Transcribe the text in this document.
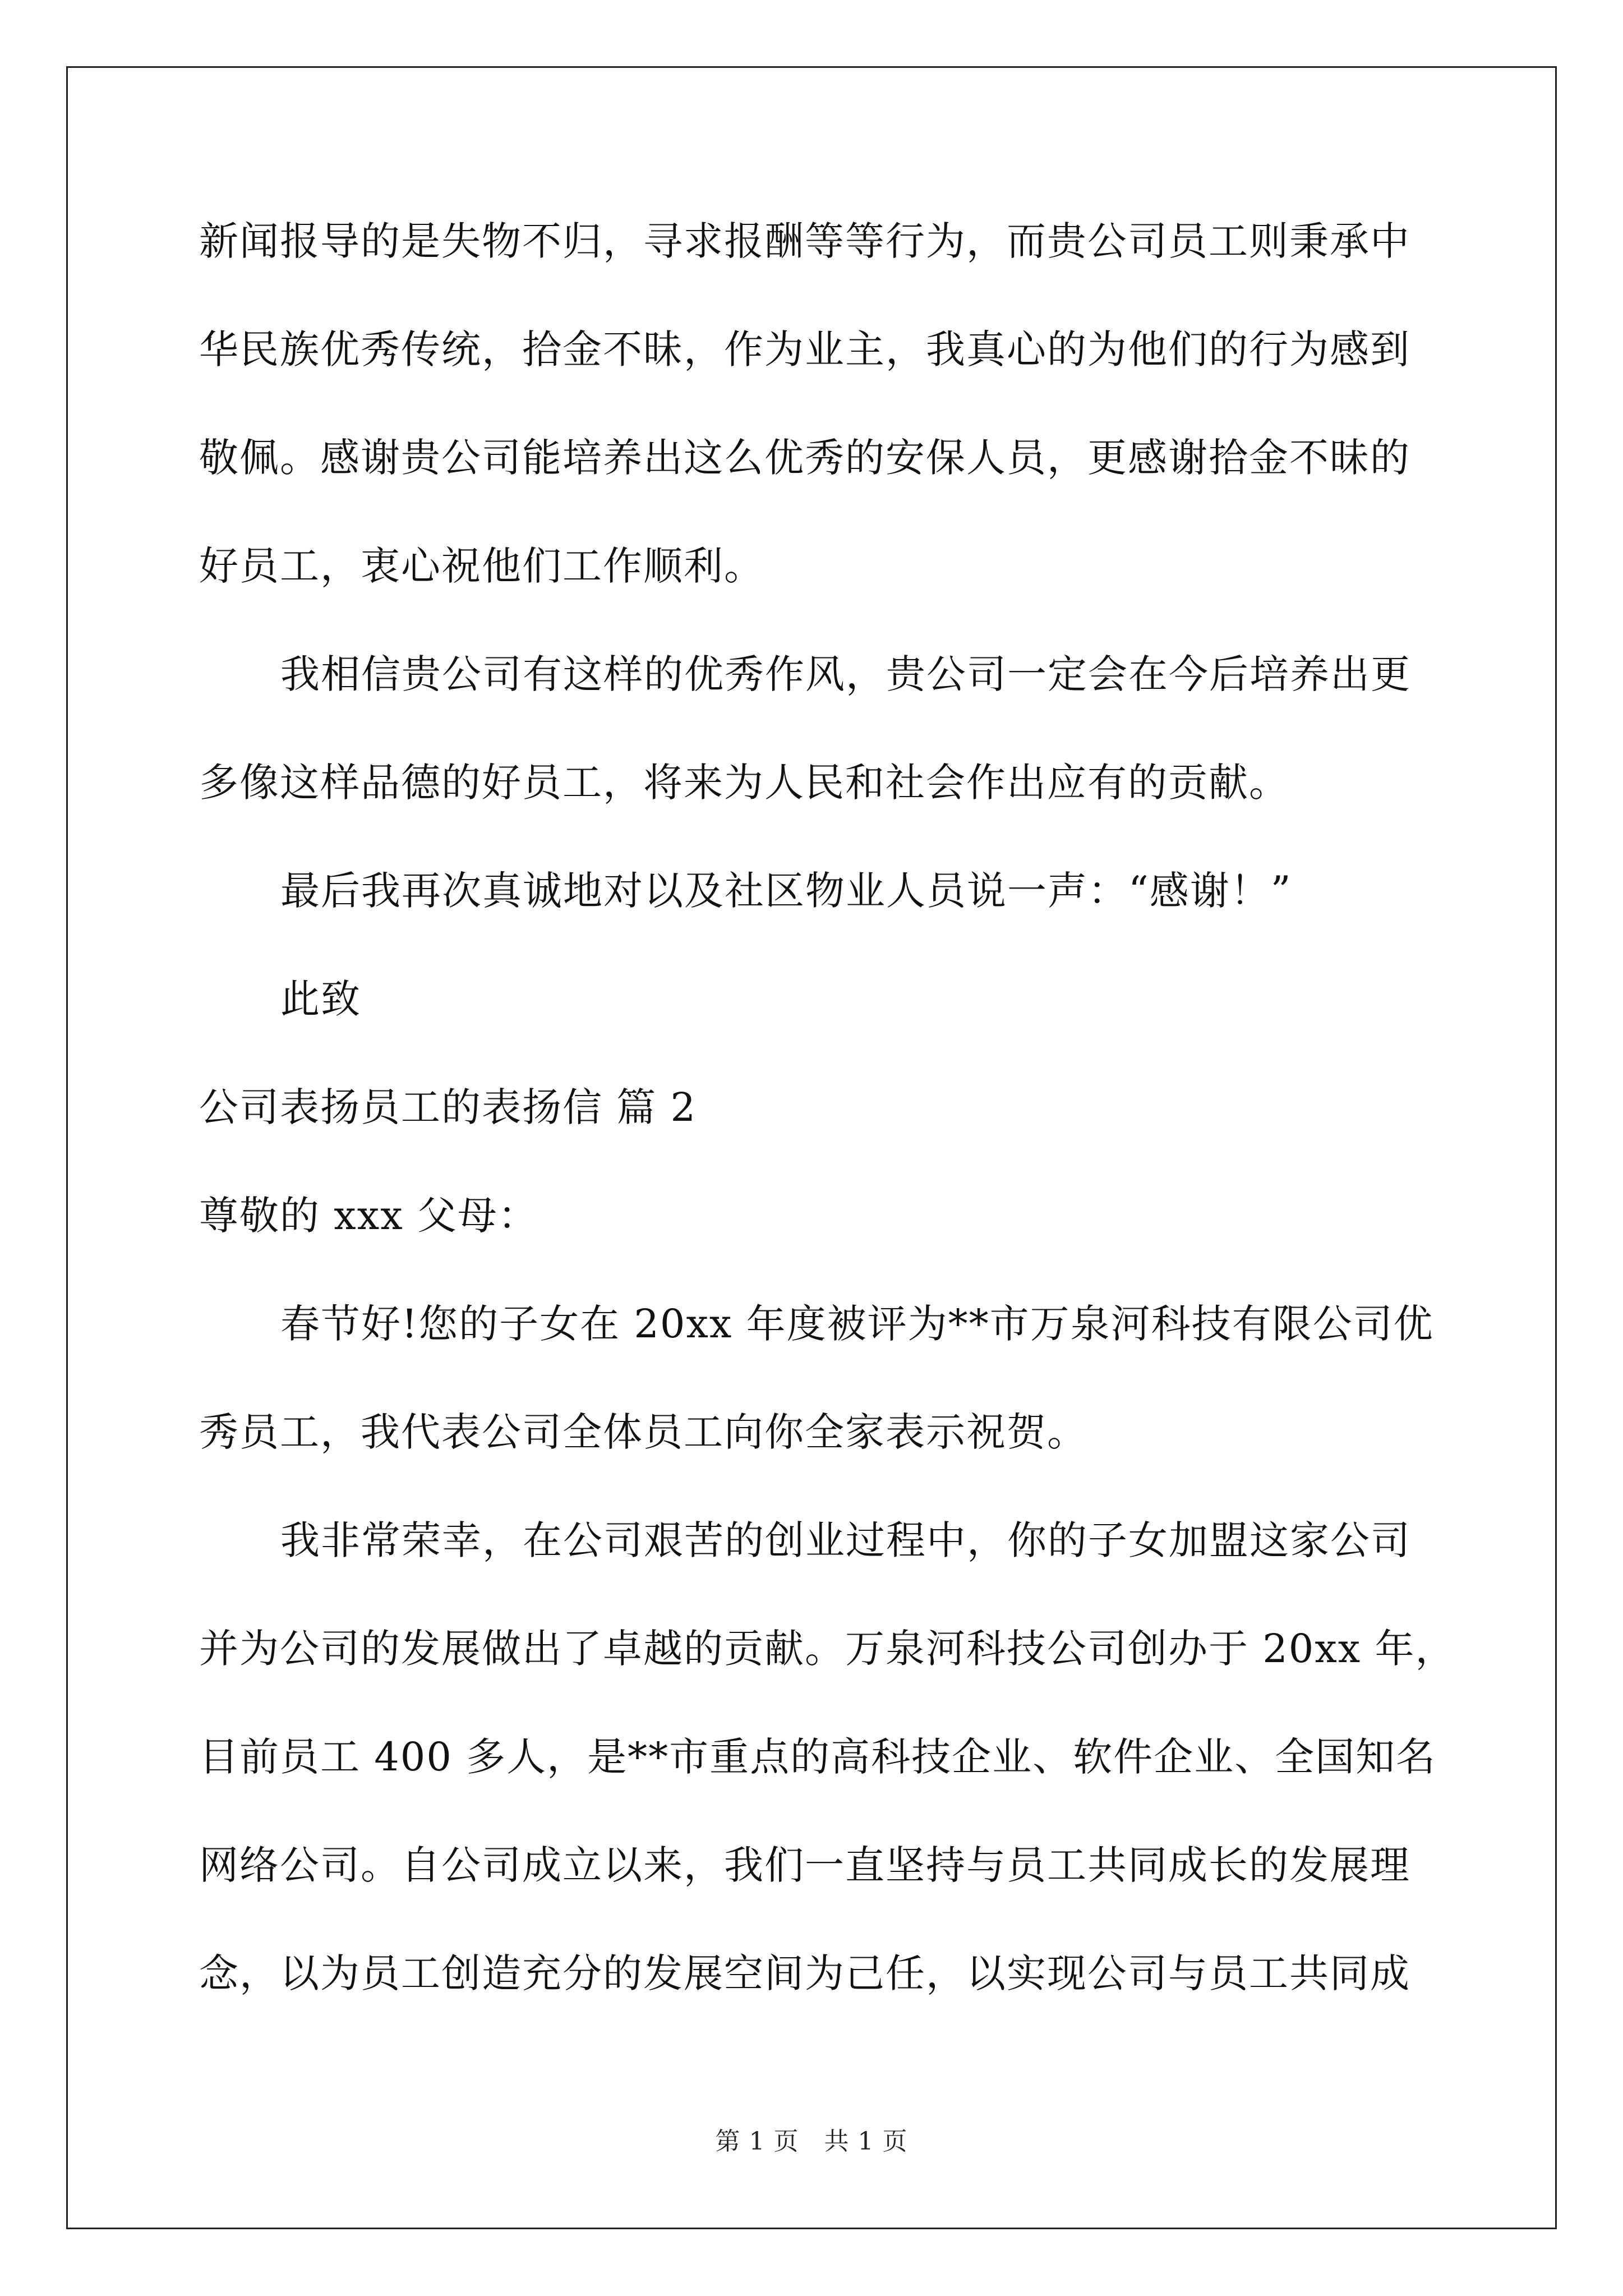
新闻报导的是失物不归，寻求报酬等等行为，而贵公司员工则秉承中
华民族优秀传统，拾金不昧，作为业主，我真心的为他们的行为感到
敬佩。感谢贵公司能培养出这么优秀的安保人员，更感谢拾金不昧的
好员工，衷心祝他们工作顺利。
我相信贵公司有这样的优秀作风，贵公司一定会在今后培养出更
多像这样品德的好员工，将来为人民和社会作出应有的贡献。
最后我再次真诚地对以及社区物业人员说一声：“感谢！”
此致
公司表扬员工的表扬信 篇 2
尊敬的 xxx 父母：
春节好!您的子女在 20xx 年度被评为**市万泉河科技有限公司优
秀员工，我代表公司全体员工向你全家表示祝贺。
我非常荣幸，在公司艰苦的创业过程中，你的子女加盟这家公司
并为公司的发展做出了卓越的贡献。万泉河科技公司创办于 20xx 年，
目前员工 400 多人，是**市重点的高科技企业、软件企业、全国知名
网络公司。自公司成立以来，我们一直坚持与员工共同成长的发展理
念，以为员工创造充分的发展空间为己任，以实现公司与员工共同成
第 1 页　共 1 页
